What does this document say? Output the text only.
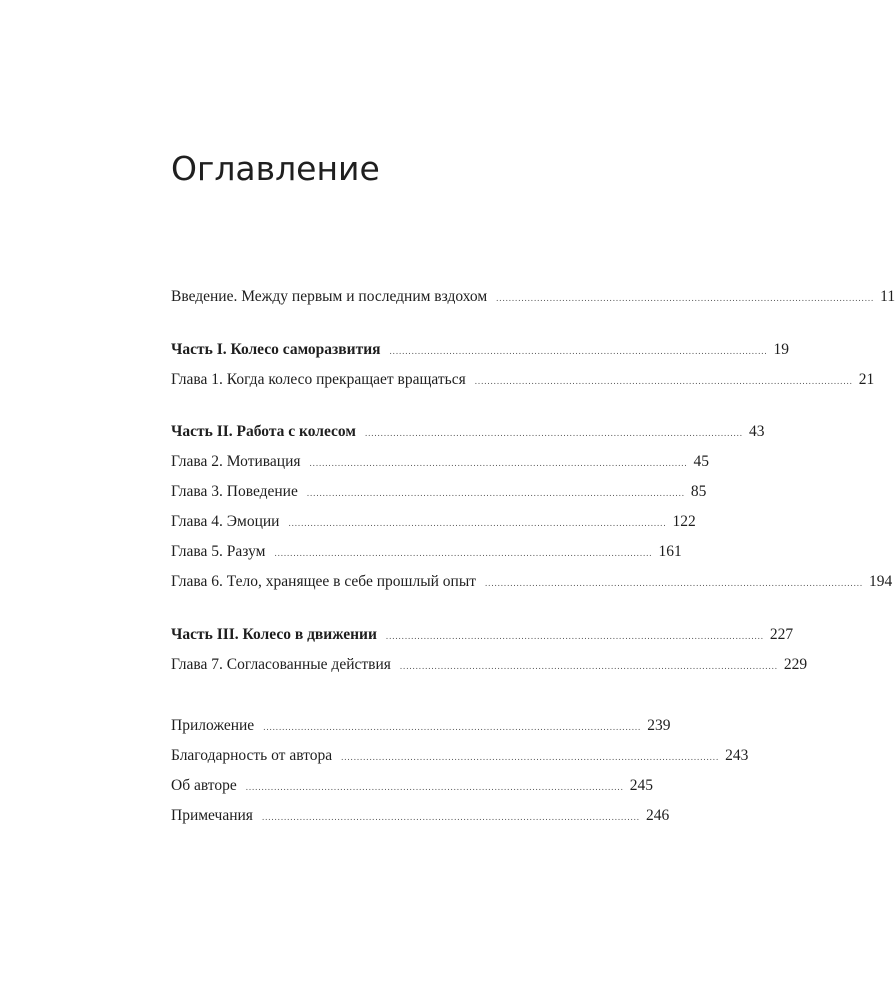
Оглавление
Введение. Между первым и последним вздохом ........................................................................................................................ 11
Часть I. Колесо саморазвития ........................................................................................................................ 19
Глава 1. Когда колесо прекращает вращаться ........................................................................................................................ 21
Часть II. Работа с колесом ........................................................................................................................ 43
Глава 2. Мотивация ........................................................................................................................ 45
Глава 3. Поведение ........................................................................................................................ 85
Глава 4. Эмоции ........................................................................................................................ 122
Глава 5. Разум ........................................................................................................................ 161
Глава 6. Тело, хранящее в себе прошлый опыт ........................................................................................................................ 194
Часть III. Колесо в движении ........................................................................................................................ 227
Глава 7. Согласованные действия ........................................................................................................................ 229
Приложение ........................................................................................................................ 239
Благодарность от автора ........................................................................................................................ 243
Об авторе ........................................................................................................................ 245
Примечания ........................................................................................................................ 246
